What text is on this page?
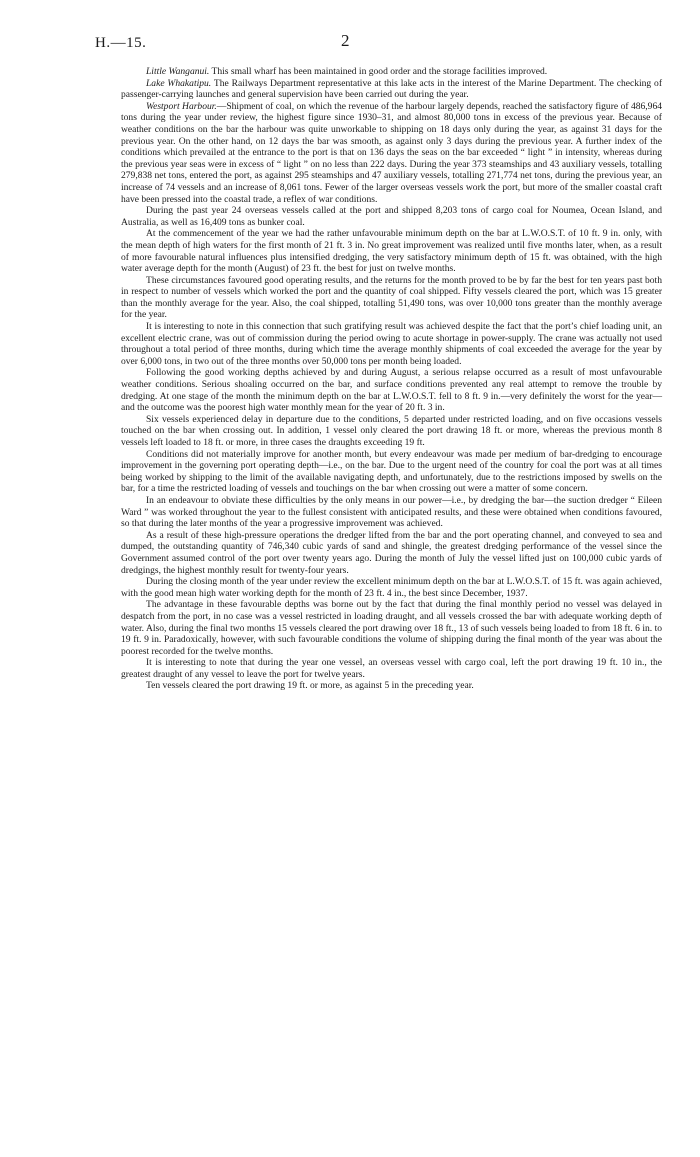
H.—15.	2

Little Wanganui. This small wharf has been maintained in good order and the storage facilities improved.

Lake Whakatipu. The Railways Department representative at this lake acts in the interest of the Marine Department. The checking of passenger-carrying launches and general supervision have been carried out during the year.

Westport Harbour.—Shipment of coal, on which the revenue of the harbour largely depends, reached the satisfactory figure of 486,964 tons during the year under review, the highest figure since 1930–31, and almost 80,000 tons in excess of the previous year. Because of weather conditions on the bar the harbour was quite unworkable to shipping on 18 days only during the year, as against 31 days for the previous year. On the other hand, on 12 days the bar was smooth, as against only 3 days during the previous year. A further index of the conditions which prevailed at the entrance to the port is that on 136 days the seas on the bar exceeded “ light ” in intensity, whereas during the previous year seas were in excess of “ light ” on no less than 222 days. During the year 373 steamships and 43 auxiliary vessels, totalling 279,838 net tons, entered the port, as against 295 steamships and 47 auxiliary vessels, totalling 271,774 net tons, during the previous year, an increase of 74 vessels and an increase of 8,061 tons. Fewer of the larger overseas vessels work the port, but more of the smaller coastal craft have been pressed into the coastal trade, a reflex of war conditions.

During the past year 24 overseas vessels called at the port and shipped 8,203 tons of cargo coal for Noumea, Ocean Island, and Australia, as well as 16,409 tons as bunker coal.

At the commencement of the year we had the rather unfavourable minimum depth on the bar at L.W.O.S.T. of 10 ft. 9 in. only, with the mean depth of high waters for the first month of 21 ft. 3 in. No great improvement was realized until five months later, when, as a result of more favourable natural influences plus intensified dredging, the very satisfactory minimum depth of 15 ft. was obtained, with the high water average depth for the month (August) of 23 ft. the best for just on twelve months.

These circumstances favoured good operating results, and the returns for the month proved to be by far the best for ten years past both in respect to number of vessels which worked the port and the quantity of coal shipped. Fifty vessels cleared the port, which was 15 greater than the monthly average for the year. Also, the coal shipped, totalling 51,490 tons, was over 10,000 tons greater than the monthly average for the year.

It is interesting to note in this connection that such gratifying result was achieved despite the fact that the port’s chief loading unit, an excellent electric crane, was out of commission during the period owing to acute shortage in power-supply. The crane was actually not used throughout a total period of three months, during which time the average monthly shipments of coal exceeded the average for the year by over 6,000 tons, in two out of the three months over 50,000 tons per month being loaded.

Following the good working depths achieved by and during August, a serious relapse occurred as a result of most unfavourable weather conditions. Serious shoaling occurred on the bar, and surface conditions prevented any real attempt to remove the trouble by dredging. At one stage of the month the minimum depth on the bar at L.W.O.S.T. fell to 8 ft. 9 in.—very definitely the worst for the year—and the outcome was the poorest high water monthly mean for the year of 20 ft. 3 in.

Six vessels experienced delay in departure due to the conditions, 5 departed under restricted loading, and on five occasions vessels touched on the bar when crossing out. In addition, 1 vessel only cleared the port drawing 18 ft. or more, whereas the previous month 8 vessels left loaded to 18 ft. or more, in three cases the draughts exceeding 19 ft.

Conditions did not materially improve for another month, but every endeavour was made per medium of bar-dredging to encourage improvement in the governing port operating depth—i.e., on the bar. Due to the urgent need of the country for coal the port was at all times being worked by shipping to the limit of the available navigating depth, and unfortunately, due to the restrictions imposed by swells on the bar, for a time the restricted loading of vessels and touchings on the bar when crossing out were a matter of some concern.

In an endeavour to obviate these difficulties by the only means in our power—i.e., by dredging the bar—the suction dredger “ Eileen Ward ” was worked throughout the year to the fullest consistent with anticipated results, and these were obtained when conditions favoured, so that during the later months of the year a progressive improvement was achieved.

As a result of these high-pressure operations the dredger lifted from the bar and the port operating channel, and conveyed to sea and dumped, the outstanding quantity of 746,340 cubic yards of sand and shingle, the greatest dredging performance of the vessel since the Government assumed control of the port over twenty years ago. During the month of July the vessel lifted just on 100,000 cubic yards of dredgings, the highest monthly result for twenty-four years.

During the closing month of the year under review the excellent minimum depth on the bar at L.W.O.S.T. of 15 ft. was again achieved, with the good mean high water working depth for the month of 23 ft. 4 in., the best since December, 1937.

The advantage in these favourable depths was borne out by the fact that during the final monthly period no vessel was delayed in despatch from the port, in no case was a vessel restricted in loading draught, and all vessels crossed the bar with adequate working depth of water. Also, during the final two months 15 vessels cleared the port drawing over 18 ft., 13 of such vessels being loaded to from 18 ft. 6 in. to 19 ft. 9 in. Paradoxically, however, with such favourable conditions the volume of shipping during the final month of the year was about the poorest recorded for the twelve months.

It is interesting to note that during the year one vessel, an overseas vessel with cargo coal, left the port drawing 19 ft. 10 in., the greatest draught of any vessel to leave the port for twelve years.

Ten vessels cleared the port drawing 19 ft. or more, as against 5 in the preceding year.
